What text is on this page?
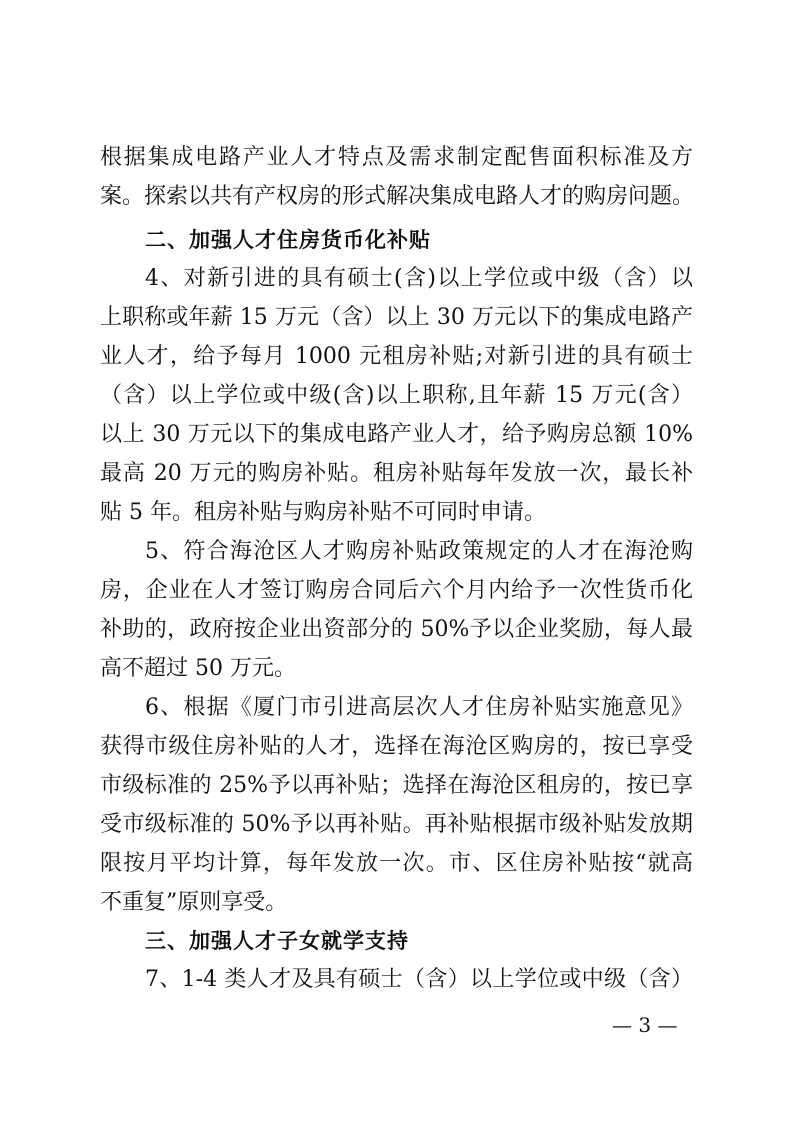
根据集成电路产业人才特点及需求制定配售面积标准及方
案。探索以共有产权房的形式解决集成电路人才的购房问题。
二、加强人才住房货币化补贴
4、对新引进的具有硕士(含)以上学位或中级（含）以
上职称或年薪 15 万元（含）以上 30 万元以下的集成电路产
业人才，给予每月 1000 元租房补贴;对新引进的具有硕士
（含）以上学位或中级(含)以上职称,且年薪 15 万元(含）
以上 30 万元以下的集成电路产业人才，给予购房总额 10%
最高 20 万元的购房补贴。租房补贴每年发放一次，最长补
贴 5 年。租房补贴与购房补贴不可同时申请。
5、符合海沧区人才购房补贴政策规定的人才在海沧购
房，企业在人才签订购房合同后六个月内给予一次性货币化
补助的，政府按企业出资部分的 50%予以企业奖励，每人最
高不超过 50 万元。
6、根据《厦门市引进高层次人才住房补贴实施意见》
获得市级住房补贴的人才，选择在海沧区购房的，按已享受
市级标准的 25%予以再补贴；选择在海沧区租房的，按已享
受市级标准的 50%予以再补贴。再补贴根据市级补贴发放期
限按月平均计算，每年发放一次。市、区住房补贴按“就高
不重复”原则享受。
三、加强人才子女就学支持
7、1-4 类人才及具有硕士（含）以上学位或中级（含）
— 3 —
